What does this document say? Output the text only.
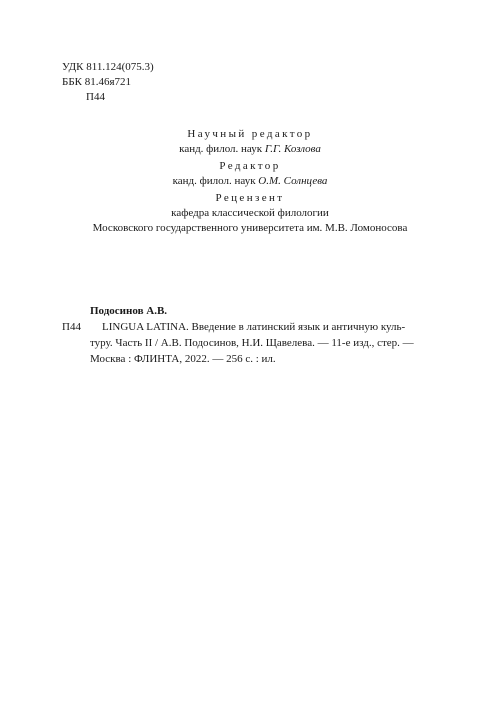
УДК 811.124(075.3)
ББК 81.46я721
П44
Научный редактор
канд. филол. наук Г.Г. Козлова
Редактор
канд. филол. наук О.М. Солнцева
Рецензент
кафедра классической филологии
Московского государственного университета им. М.В. Ломоносова
Подосинов А.В.
П44	LINGUA LATINA. Введение в латинский язык и античную куль-
туру. Часть II / А.В. Подосинов, Н.И. Щавелева. — 11-е изд., стер. —
Москва : ФЛИНТА, 2022. — 256 с. : ил.
